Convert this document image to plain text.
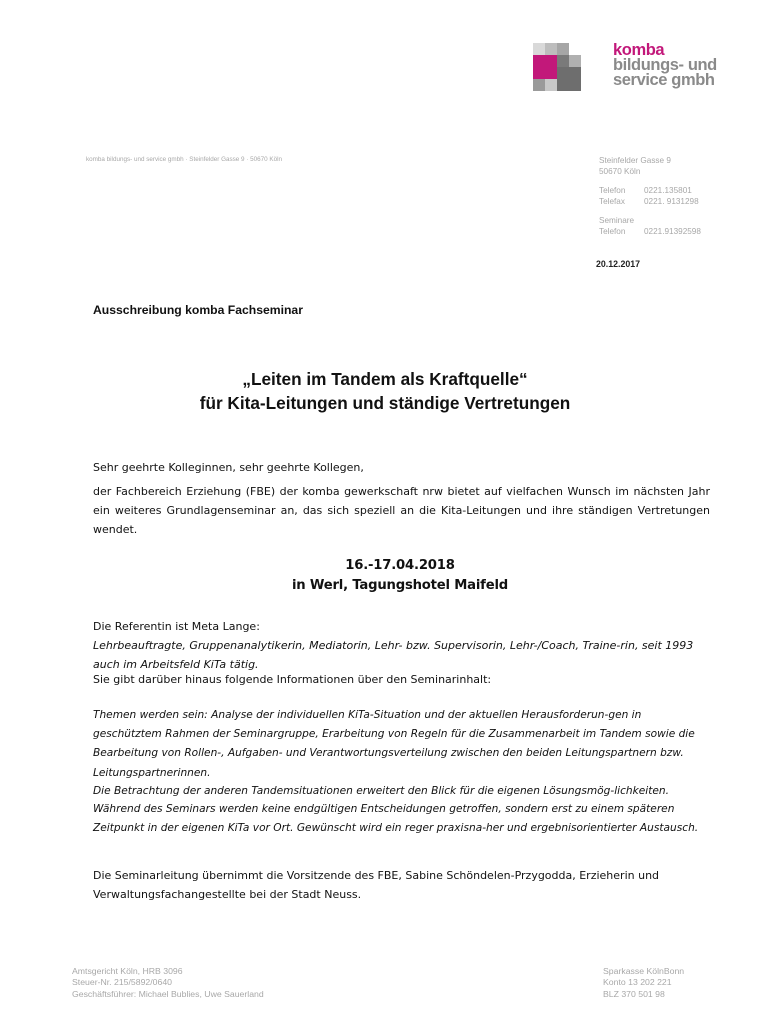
komba
bildungs- und
service gmbh
komba bildungs- und service gmbh · Steinfelder Gasse 9 · 50670 Köln	Steinfelder Gasse 9
50670 Köln
Telefon	0221.135801
Telefax	0221. 9131298
Seminare
Telefon	0221.91392598
20.12.2017
Ausschreibung komba Fachseminar
„Leiten im Tandem als Kraftquelle“
für Kita-Leitungen und ständige Vertretungen

Sehr geehrte Kolleginnen, sehr geehrte Kollegen,

der Fachbereich Erziehung (FBE) der komba gewerkschaft nrw bietet auf vielfachen Wunsch im nächsten Jahr ein weiteres Grundlagenseminar an, das sich speziell an die Kita-Leitungen und ihre ständigen Vertretungen wendet.

16.-17.04.2018
in Werl, Tagungshotel Maifeld

Die Referentin ist Meta Lange:

Lehrbeauftragte, Gruppenanalytikerin, Mediatorin, Lehr- bzw. Supervisorin, Lehr-/Coach, Traine-rin, seit 1993 auch im Arbeitsfeld KiTa tätig.

Sie gibt darüber hinaus folgende Informationen über den Seminarinhalt:

Themen werden sein: Analyse der individuellen KiTa-Situation und der aktuellen Herausforderun-gen in geschütztem Rahmen der Seminargruppe, Erarbeitung von Regeln für die Zusammenarbeit im Tandem sowie die Bearbeitung von Rollen-, Aufgaben- und Verantwortungsverteilung zwischen den beiden Leitungspartnern bzw. Leitungspartnerinnen.

Die Betrachtung der anderen Tandemsituationen erweitert den Blick für die eigenen Lösungsmög-lichkeiten. Während des Seminars werden keine endgültigen Entscheidungen getroffen, sondern erst zu einem späteren Zeitpunkt in der eigenen KiTa vor Ort. Gewünscht wird ein reger praxisna-her und ergebnisorientierter Austausch.

Die Seminarleitung übernimmt die Vorsitzende des FBE, Sabine Schöndelen-Przygodda, Erzieherin und Verwaltungsfachangestellte bei der Stadt Neuss.

Amtsgericht Köln, HRB 3096
Steuer-Nr. 215/5892/0640
Geschäftsführer: Michael Bublies, Uwe Sauerland
Sparkasse KölnBonn
Konto 13 202 221
BLZ 370 501 98
